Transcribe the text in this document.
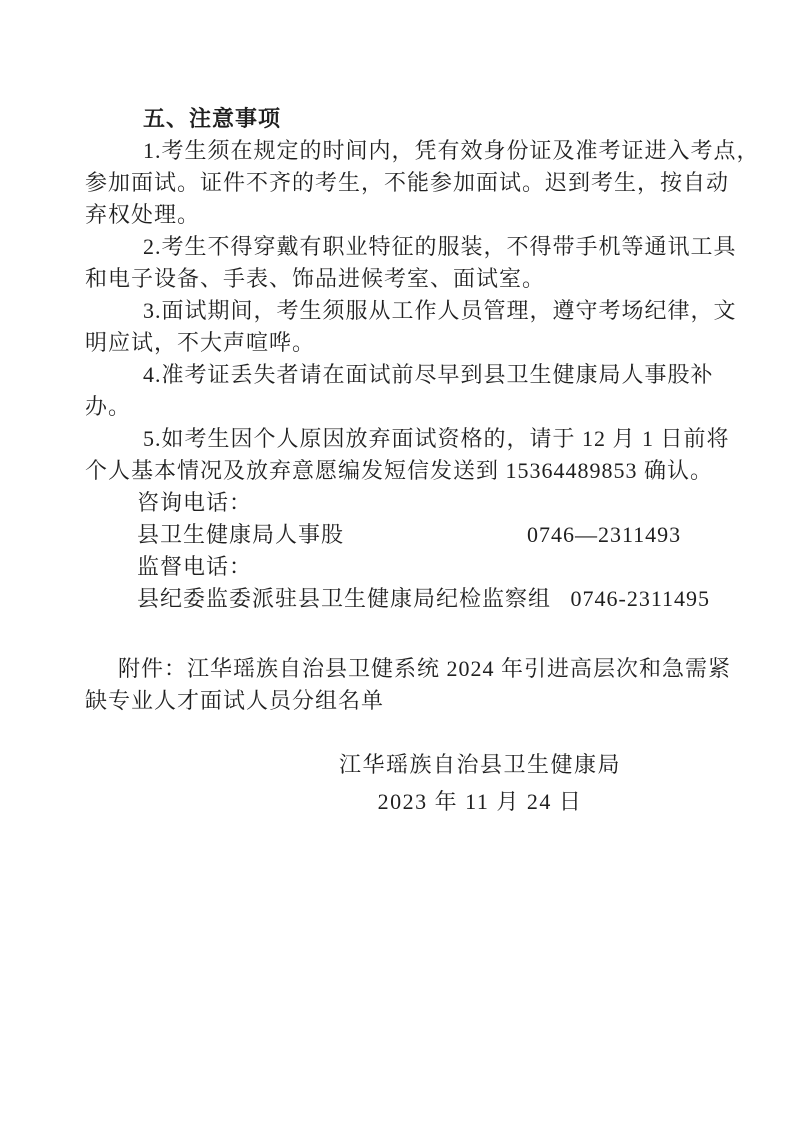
五、注意事项
1.考生须在规定的时间内，凭有效身份证及准考证进入考点，
参加面试。证件不齐的考生，不能参加面试。迟到考生，按自动
弃权处理。
2.考生不得穿戴有职业特征的服装，不得带手机等通讯工具
和电子设备、手表、饰品进候考室、面试室。
3.面试期间，考生须服从工作人员管理，遵守考场纪律，文
明应试，不大声喧哗。
4.准考证丢失者请在面试前尽早到县卫生健康局人事股补
办。
5.如考生因个人原因放弃面试资格的，请于 12 月 1 日前将
个人基本情况及放弃意愿编发短信发送到 15364489853 确认。
咨询电话：
县卫生健康局人事股	0746—2311493
监督电话：
县纪委监委派驻县卫生健康局纪检监察组 0746-2311495
附件：江华瑶族自治县卫健系统 2024 年引进高层次和急需紧
缺专业人才面试人员分组名单
江华瑶族自治县卫生健康局
2023 年 11 月 24 日
